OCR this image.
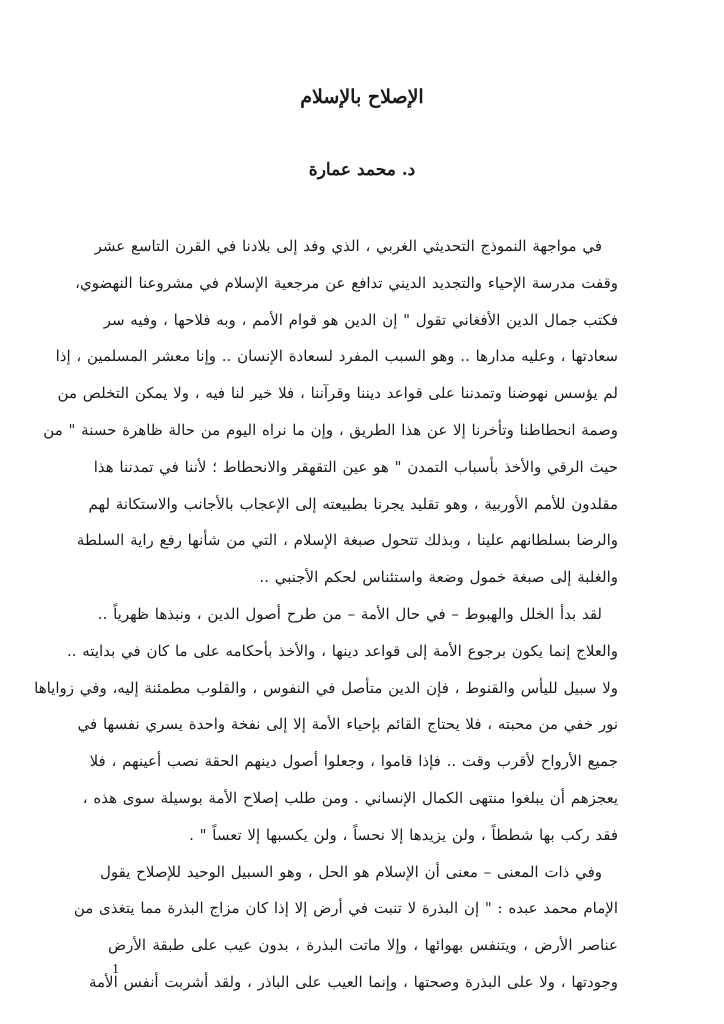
الإصلاح بالإسلام
د. محمد عمارة
في مواجهة النموذج التحديثي الغربي ، الذي وفد إلى بلادنا في القرن التاسع عشر
وقفت مدرسة الإحياء والتجديد الديني تدافع عن مرجعية الإسلام في مشروعنا النهضوي،
فكتب جمال الدين الأفغاني تقول " إن الدين هو قوام الأمم ، وبه فلاحها ، وفيه سر
سعادتها ، وعليه مدارها .. وهو السبب المفرد لسعادة الإنسان .. وإنا معشر المسلمين ، إذا
لم يؤسس نهوضنا وتمدننا على قواعد ديننا وقرآننا ، فلا خير لنا فيه ، ولا يمكن التخلص من
وصمة انحطاطنا وتأخرنا إلا عن هذا الطريق ، وإن ما نراه اليوم من حالة ظاهرة حسنة " من
حيث الرقي والأخذ بأسباب التمدن " هو عين التقهقر والانحطاط ؛ لأننا في تمدننا هذا
مقلدون للأمم الأوربية ، وهو تقليد يجرنا بطبيعته إلى الإعجاب بالأجانب والاستكانة لهم
والرضا بسلطانهم علينا ، وبذلك تتحول صبغة الإسلام ، التي من شأنها رفع راية السلطة
والغلبة إلى صبغة خمول وضعة واستئناس لحكم الأجنبي ..
لقد بدأ الخلل والهبوط – في حال الأمة – من طرح أصول الدين ، ونبذها ظهرياً ..
والعلاج إنما يكون برجوع الأمة إلى قواعد دينها ، والأخذ بأحكامه على ما كان في بدايته ..
ولا سبيل لليأس والقنوط ، فإن الدين متأصل في النفوس ، والقلوب مطمئنة إليه، وفي زواياها
نور خفي من محبته ، فلا يحتاج القائم بإحياء الأمة إلا إلى نفخة واحدة يسري نفسها في
جميع الأرواح لأقرب وقت .. فإذا قاموا ، وجعلوا أصول دينهم الحقة نصب أعينهم ، فلا
يعجزهم أن يبلغوا منتهى الكمال الإنساني . ومن طلب إصلاح الأمة بوسيلة سوى هذه ،
فقد ركب بها شططاً ، ولن يزيدها إلا نحساً ، ولن يكسبها إلا تعساً " .
وفي ذات المعنى – معنى أن الإسلام هو الحل ، وهو السبيل الوحيد للإصلاح يقول
الإمام محمد عبده : " إن البذرة لا تنبت في أرض إلا إذا كان مزاج البذرة مما يتغذى من
عناصر الأرض ، ويتنفس بهوائها ، وإلا ماتت البذرة ، بدون عيب على طبقة الأرض
وجودتها ، ولا على البذرة وصحتها ، وإنما العيب على الباذر ، ولقد أشربت أنفس الأمة
1
